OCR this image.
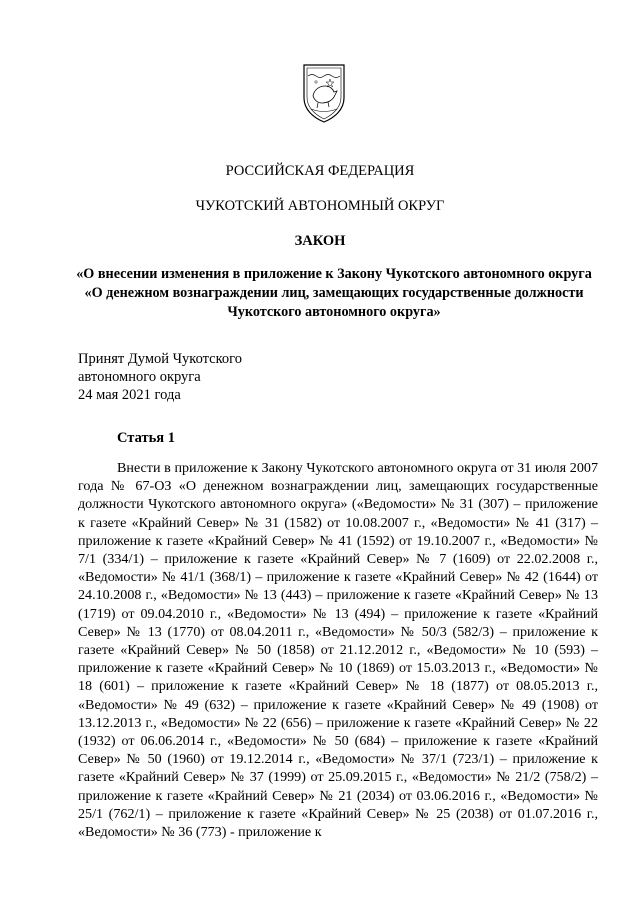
РОССИЙСКАЯ ФЕДЕРАЦИЯ
ЧУКОТСКИЙ АВТОНОМНЫЙ ОКРУГ
ЗАКОН
«О внесении изменения в приложение к Закону Чукотского автономного округа «О денежном вознаграждении лиц, замещающих государственные должности Чукотского автономного округа»
Принят Думой Чукотского
автономного округа
24 мая 2021 года
Статья 1

Внести в приложение к Закону Чукотского автономного округа от 31 июля 2007 года № 67-ОЗ «О денежном вознаграждении лиц, замещающих государственные должности Чукотского автономного округа» («Ведомости» № 31 (307) – приложение к газете «Крайний Север» № 31 (1582) от 10.08.2007 г., «Ведомости» № 41 (317) – приложение к газете «Крайний Север» № 41 (1592) от 19.10.2007 г., «Ведомости» № 7/1 (334/1) – приложение к газете «Крайний Север» № 7 (1609) от 22.02.2008 г., «Ведомости» № 41/1 (368/1) – приложение к газете «Крайний Север» № 42 (1644) от 24.10.2008 г., «Ведомости» № 13 (443) – приложение к газете «Крайний Север» № 13 (1719) от 09.04.2010 г., «Ведомости» № 13 (494) – приложение к газете «Крайний Север» № 13 (1770) от 08.04.2011 г., «Ведомости» № 50/3 (582/3) – приложение к газете «Крайний Север» № 50 (1858) от 21.12.2012 г., «Ведомости» № 10 (593) – приложение к газете «Крайний Север» № 10 (1869) от 15.03.2013 г., «Ведомости» № 18 (601) – приложение к газете «Крайний Север» № 18 (1877) от 08.05.2013 г., «Ведомости» № 49 (632) – приложение к газете «Крайний Север» № 49 (1908) от 13.12.2013 г., «Ведомости» № 22 (656) – приложение к газете «Крайний Север» № 22 (1932) от 06.06.2014 г., «Ведомости» № 50 (684) – приложение к газете «Крайний Север» № 50 (1960) от 19.12.2014 г., «Ведомости» № 37/1 (723/1) – приложение к газете «Крайний Север» № 37 (1999) от 25.09.2015 г., «Ведомости» № 21/2 (758/2) – приложение к газете «Крайний Север» № 21 (2034) от 03.06.2016 г., «Ведомости» № 25/1 (762/1) – приложение к газете «Крайний Север» № 25 (2038) от 01.07.2016 г., «Ведомости» № 36 (773) - приложение к
